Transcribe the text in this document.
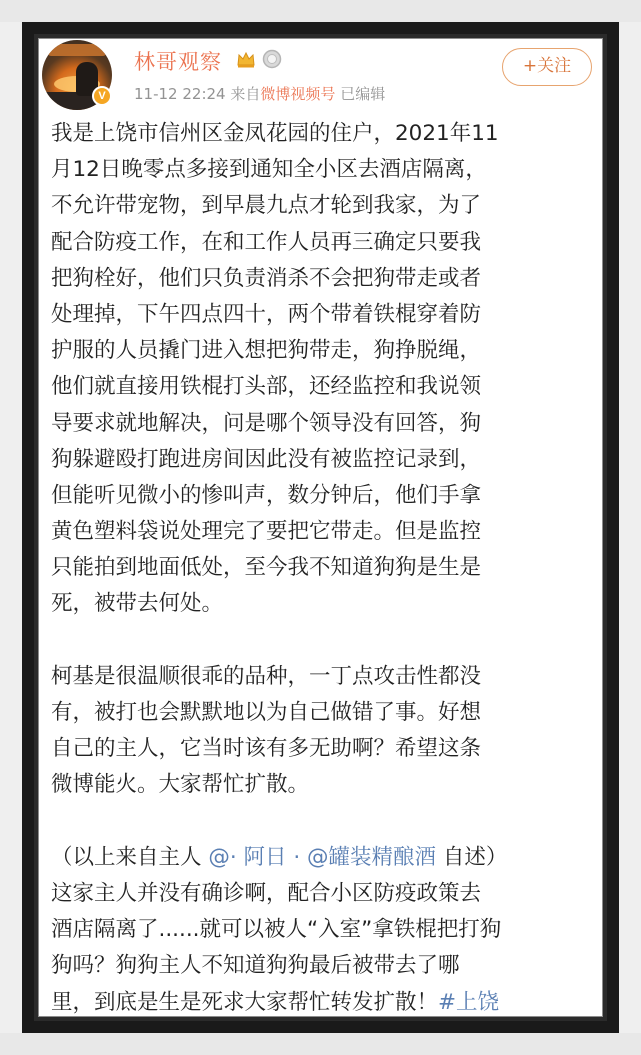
V
林哥观察
11-12 22:24 来自微博视频号 已编辑
+关注
我是上饶市信州区金凤花园的住户，2021年11
月12日晚零点多接到通知全小区去酒店隔离，
不允许带宠物，到早晨九点才轮到我家，为了
配合防疫工作，在和工作人员再三确定只要我
把狗栓好，他们只负责消杀不会把狗带走或者
处理掉，下午四点四十，两个带着铁棍穿着防
护服的人员撬门进入想把狗带走，狗挣脱绳，
他们就直接用铁棍打头部，还经监控和我说领
导要求就地解决，问是哪个领导没有回答，狗
狗躲避殴打跑进房间因此没有被监控记录到，
但能听见微小的惨叫声，数分钟后，他们手拿
黄色塑料袋说处理完了要把它带走。但是监控
只能拍到地面低处，至今我不知道狗狗是生是
死，被带去何处。
柯基是很温顺很乖的品种，一丁点攻击性都没
有，被打也会默默地以为自己做错了事。好想
自己的主人，它当时该有多无助啊？希望这条
微博能火。大家帮忙扩散。
（以上来自主人 @· 阿日 · @罐装精酿酒 自述）
这家主人并没有确诊啊，配合小区防疫政策去
酒店隔离了......就可以被人“入室”拿铁棍把打狗
狗吗？狗狗主人不知道狗狗最后被带去了哪
里，到底是生是死求大家帮忙转发扩散！#上饶
